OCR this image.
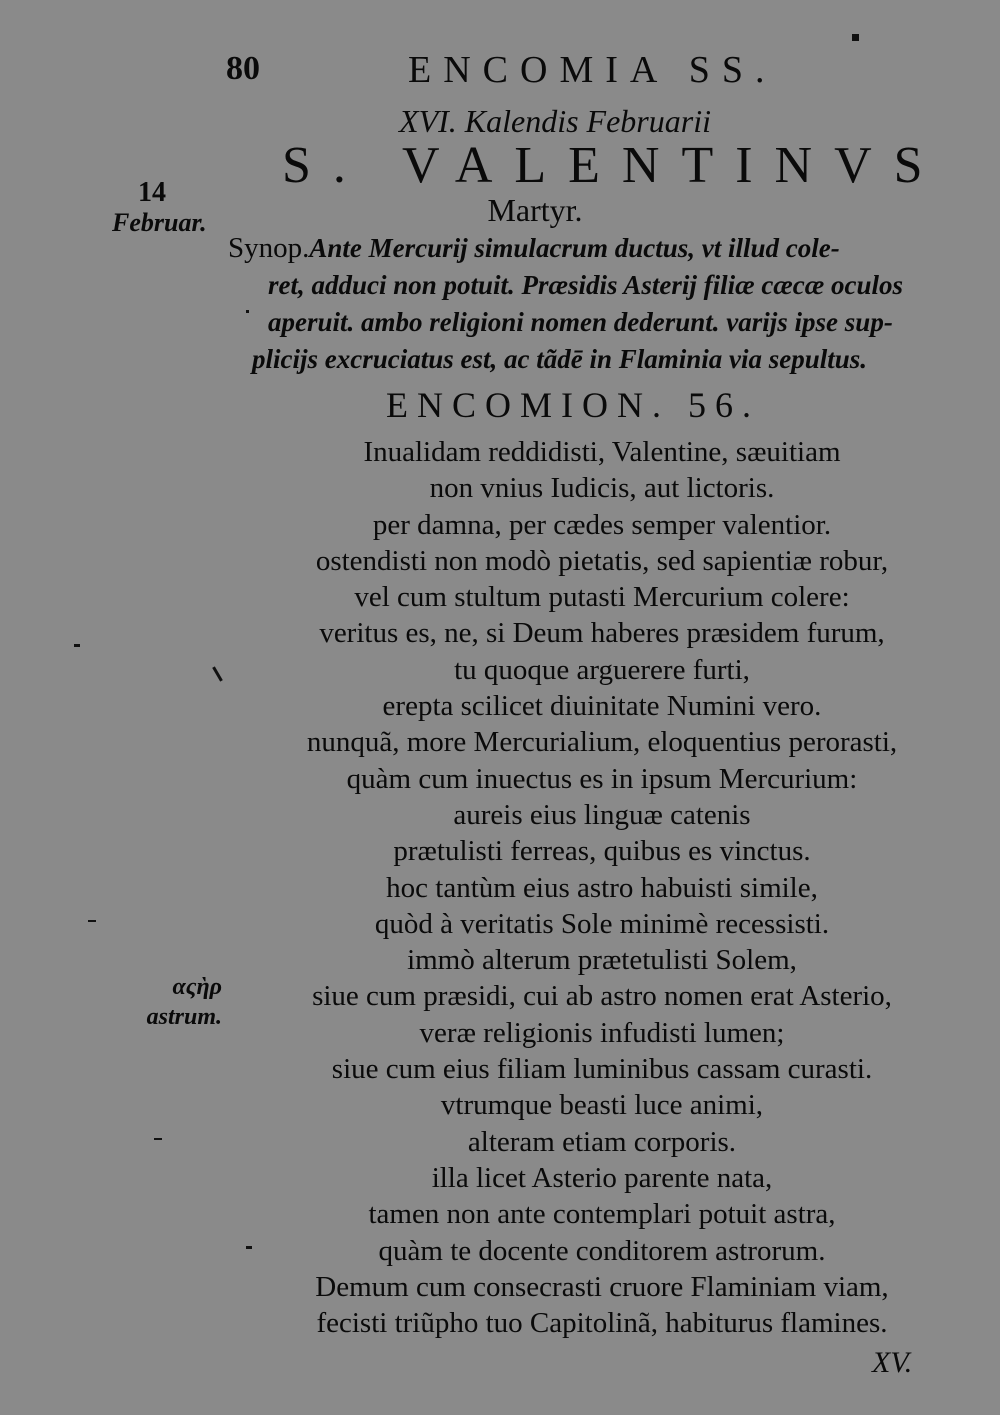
80	ENCOMIA SS.
XVI. Kalendis Februarii
S. VALENTINVS
Martyr.
14
Februar.
Synop.Ante Mercurij simulacrum ductus, vt illud cole-
ret, adduci non potuit. Præsidis Asterij filiæ cæcæ oculos
aperuit. ambo religioni nomen dederunt. varijs ipse sup-
plicijs excruciatus est, ac tãdē in Flaminia via sepultus.
ENCOMION. 56.
Inualidam reddidisti, Valentine, sæuitiam
non vnius Iudicis, aut lictoris.
per damna, per cædes semper valentior.
ostendisti non modò pietatis, sed sapientiæ robur,
vel cum stultum putasti Mercurium colere:
veritus es, ne, si Deum haberes præsidem furum,
tu quoque arguerere furti,
erepta scilicet diuinitate Numini vero.
nunquã, more Mercurialium, eloquentius perorasti,
quàm cum inuectus es in ipsum Mercurium:
aureis eius linguæ catenis
prætulisti ferreas, quibus es vinctus.
hoc tantùm eius astro habuisti simile,
quòd à veritatis Sole minimè recessisti.
immò alterum prætetulisti Solem,
siue cum præsidi, cui ab astro nomen erat Asterio,
veræ religionis infudisti lumen;
siue cum eius filiam luminibus cassam curasti.
vtrumque beasti luce animi,
alteram etiam corporis.
illa licet Asterio parente nata,
tamen non ante contemplari potuit astra,
quàm te docente conditorem astrorum.
Demum cum consecrasti cruore Flaminiam viam,
fecisti triũpho tuo Capitolinã, habiturus flamines.
αςὴρ
astrum.
XV.
